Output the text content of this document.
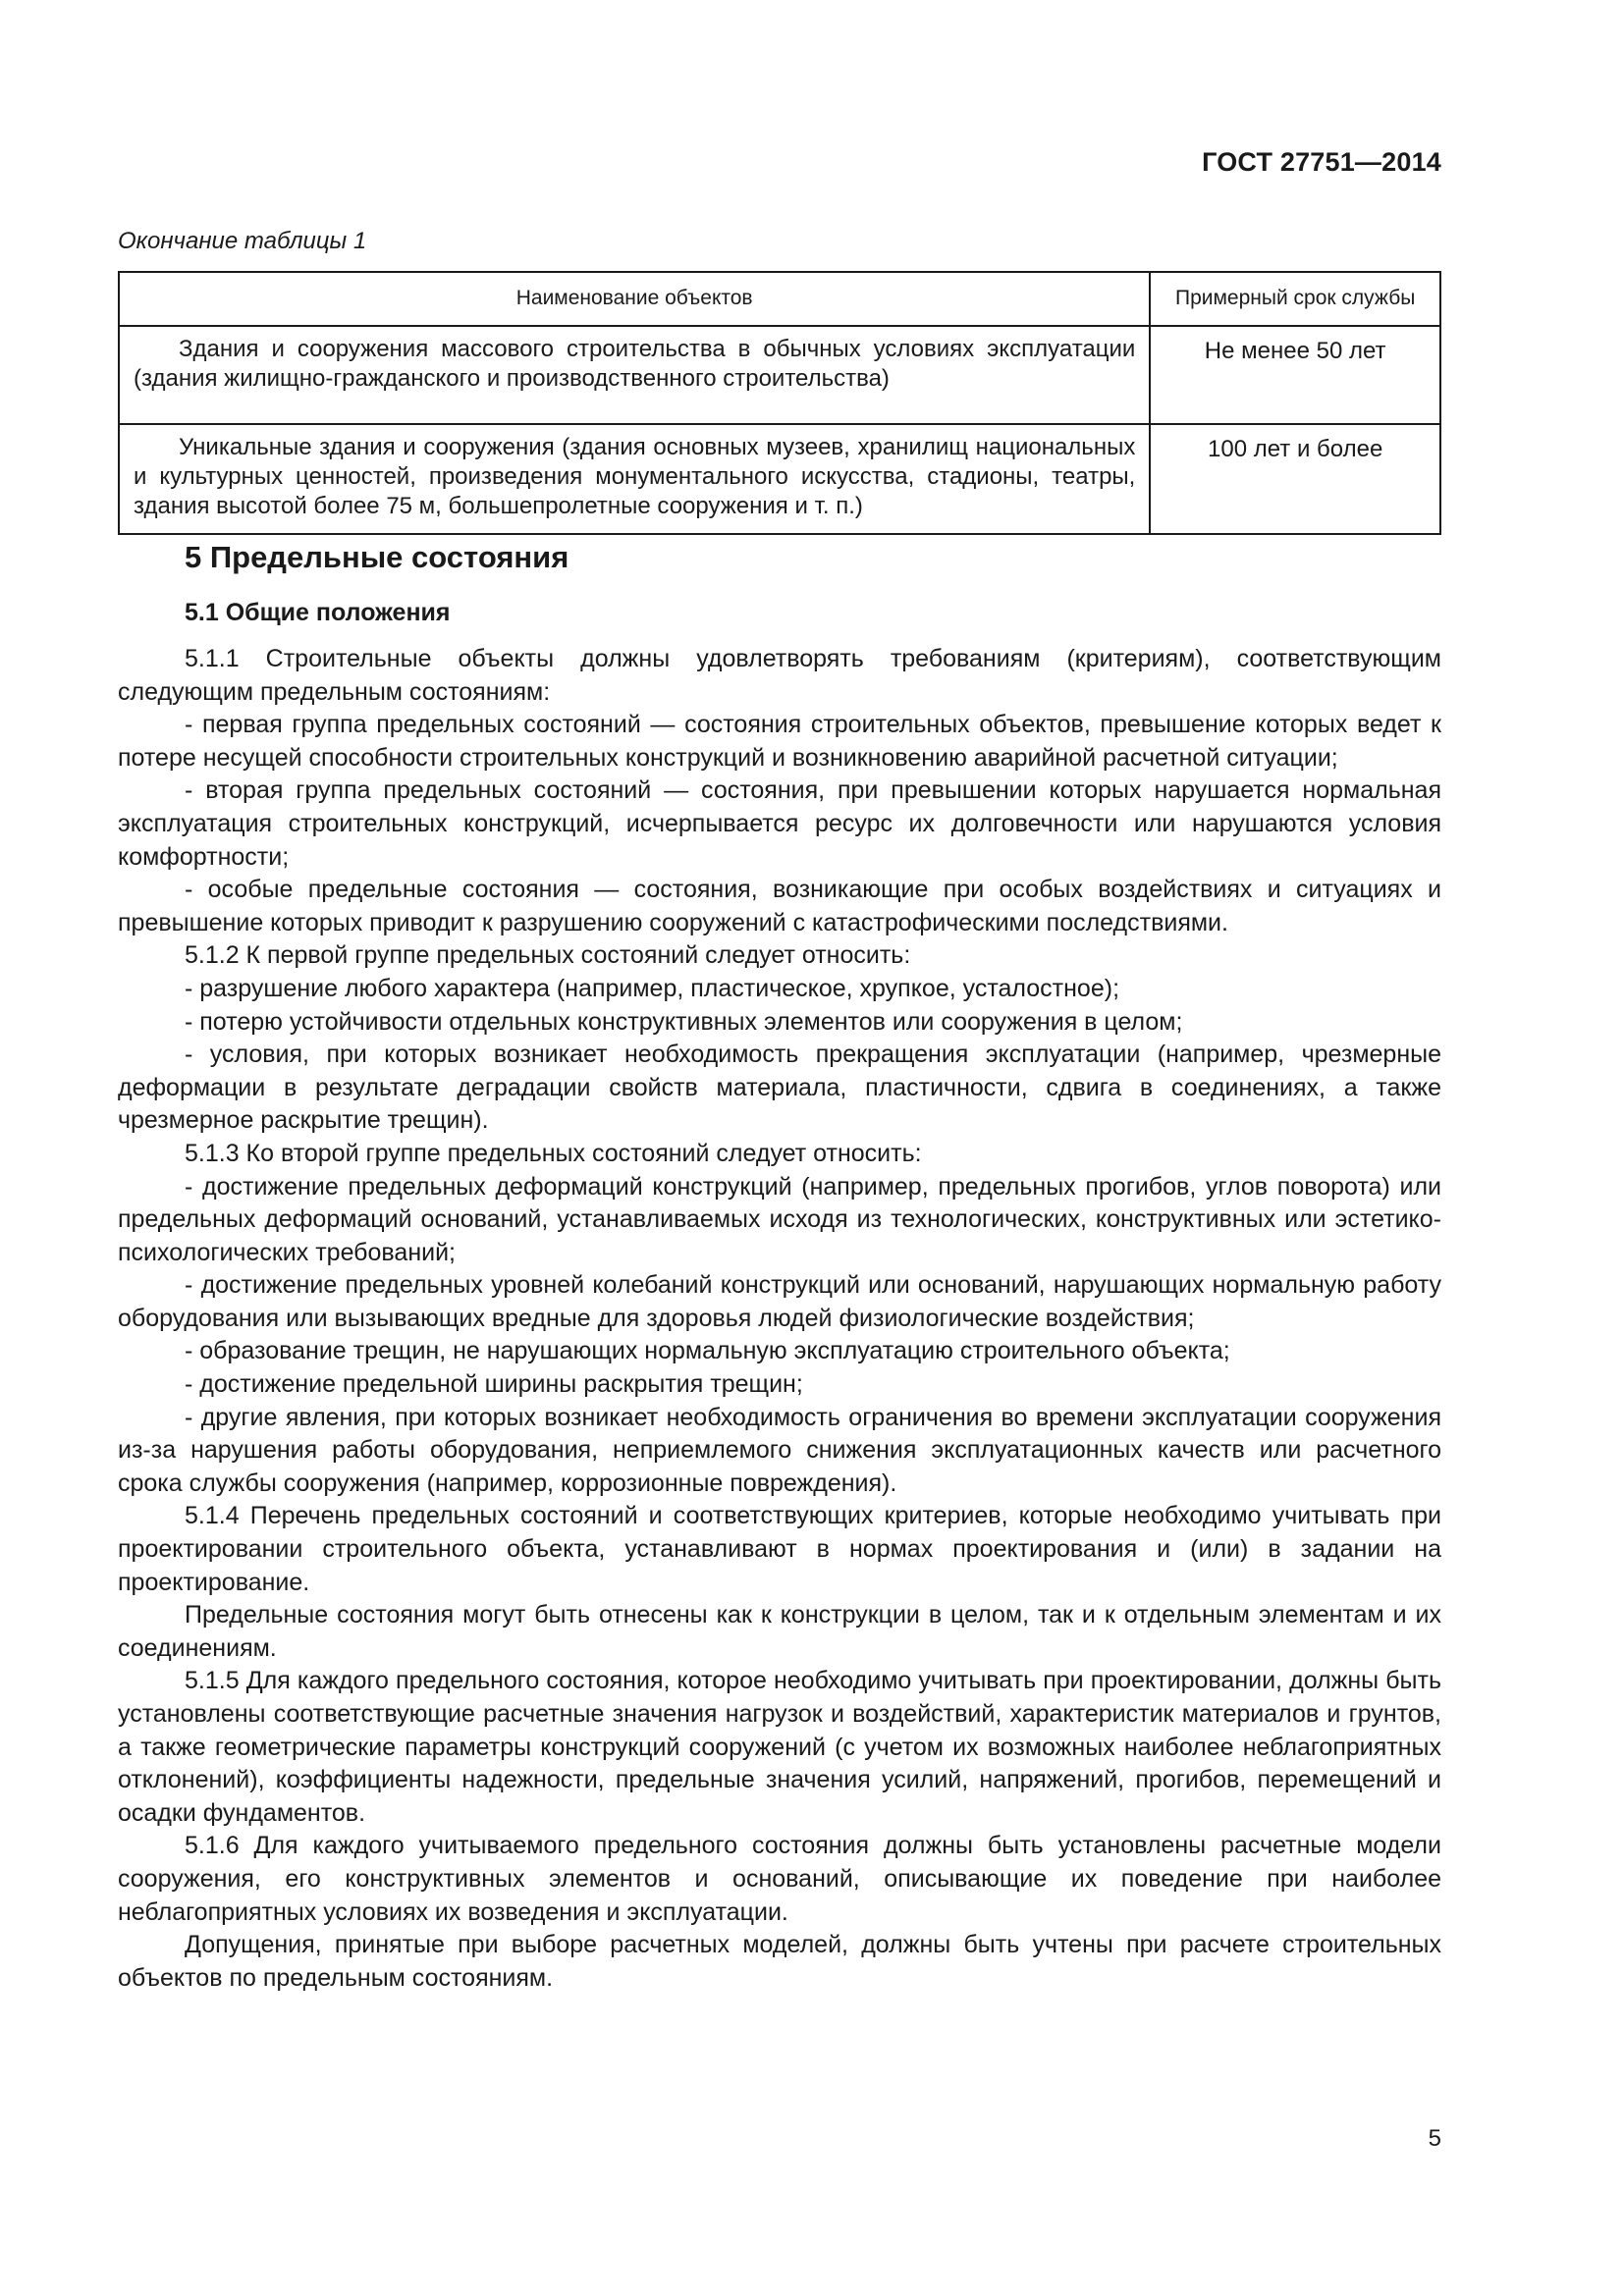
ГОСТ 27751—2014
Окончание таблицы 1
Наименование объектов	Примерный срок службы
Здания и сооружения массового строительства в обычных условиях эксплуатации (здания жилищно-гражданского и производственного строительства)	Не менее 50 лет
Уникальные здания и сооружения (здания основных музеев, хранилищ национальных и культурных ценностей, произведения монументального искусства, стадионы, театры, здания высотой более 75 м, большепролетные сооружения и т. п.)	100 лет и более
5 Предельные состояния
5.1 Общие положения

5.1.1 Строительные объекты должны удовлетворять требованиям (критериям), соответствующим следующим предельным состояниям:

- первая группа предельных состояний — состояния строительных объектов, превышение которых ведет к потере несущей способности строительных конструкций и возникновению аварийной расчетной ситуации;

- вторая группа предельных состояний — состояния, при превышении которых нарушается нормальная эксплуатация строительных конструкций, исчерпывается ресурс их долговечности или нарушаются условия комфортности;

- особые предельные состояния — состояния, возникающие при особых воздействиях и ситуациях и превышение которых приводит к разрушению сооружений с катастрофическими последствиями.

5.1.2 К первой группе предельных состояний следует относить:

- разрушение любого характера (например, пластическое, хрупкое, усталостное);

- потерю устойчивости отдельных конструктивных элементов или сооружения в целом;

- условия, при которых возникает необходимость прекращения эксплуатации (например, чрезмерные деформации в результате деградации свойств материала, пластичности, сдвига в соединениях, а также чрезмерное раскрытие трещин).

5.1.3 Ко второй группе предельных состояний следует относить:

- достижение предельных деформаций конструкций (например, предельных прогибов, углов поворота) или предельных деформаций оснований, устанавливаемых исходя из технологических, конструктивных или эстетико-психологических требований;

- достижение предельных уровней колебаний конструкций или оснований, нарушающих нормальную работу оборудования или вызывающих вредные для здоровья людей физиологические воздействия;

- образование трещин, не нарушающих нормальную эксплуатацию строительного объекта;

- достижение предельной ширины раскрытия трещин;

- другие явления, при которых возникает необходимость ограничения во времени эксплуатации сооружения из-за нарушения работы оборудования, неприемлемого снижения эксплуатационных качеств или расчетного срока службы сооружения (например, коррозионные повреждения).

5.1.4 Перечень предельных состояний и соответствующих критериев, которые необходимо учитывать при проектировании строительного объекта, устанавливают в нормах проектирования и (или) в задании на проектирование.

Предельные состояния могут быть отнесены как к конструкции в целом, так и к отдельным элементам и их соединениям.

5.1.5 Для каждого предельного состояния, которое необходимо учитывать при проектировании, должны быть установлены соответствующие расчетные значения нагрузок и воздействий, характеристик материалов и грунтов, а также геометрические параметры конструкций сооружений (с учетом их возможных наиболее неблагоприятных отклонений), коэффициенты надежности, предельные значения усилий, напряжений, прогибов, перемещений и осадки фундаментов.

5.1.6 Для каждого учитываемого предельного состояния должны быть установлены расчетные модели сооружения, его конструктивных элементов и оснований, описывающие их поведение при наиболее неблагоприятных условиях их возведения и эксплуатации.

Допущения, принятые при выборе расчетных моделей, должны быть учтены при расчете строительных объектов по предельным состояниям.

5
